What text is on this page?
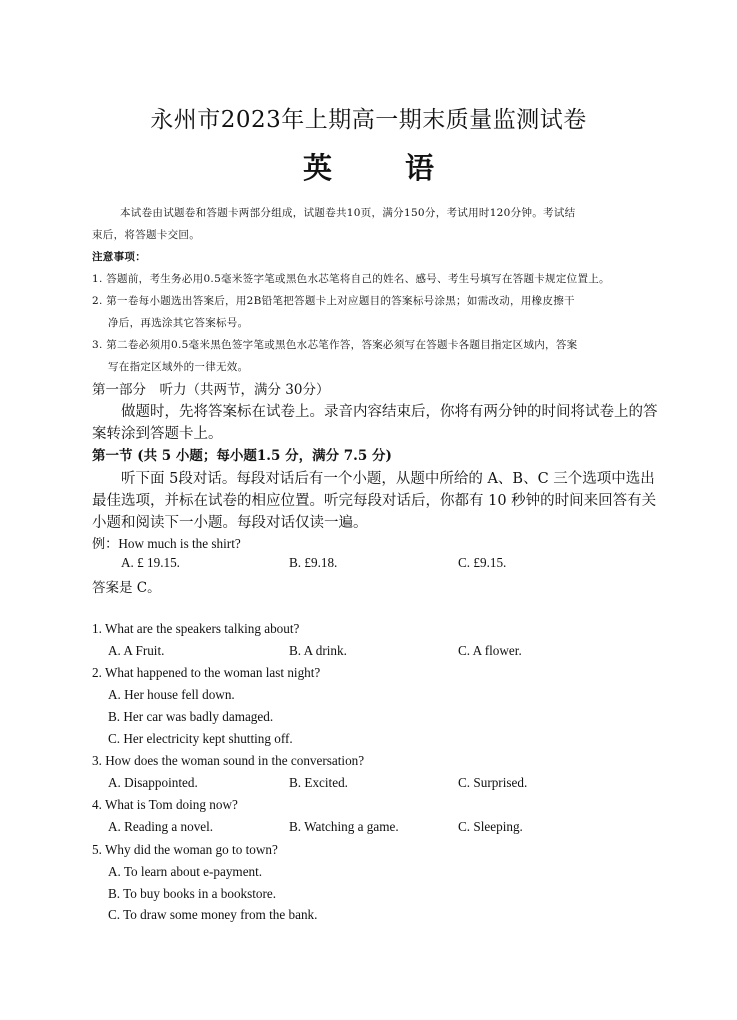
永州市2023年上期高一期末质量监测试卷
英　语
本试卷由试题卷和答题卡两部分组成，试题卷共10页，满分150分，考试用时120分钟。考试结
束后，将答题卡交回。
注意事项：
1. 答题前，考生务必用0.5毫米签字笔或黑色水芯笔将自己的姓名、感号、考生号填写在答题卡规定位置上。
2. 第一卷每小题选出答案后，用2B铅笔把答题卡上对应题目的答案标号涂黑；如需改动，用橡皮擦干
净后，再选涂其它答案标号。
3. 第二卷必须用0.5毫米黑色签字笔或黑色水芯笔作答，答案必须写在答题卡各题目指定区域内，答案
写在指定区域外的一律无效。
第一部分　听力（共两节，满分 30分）
做题时，先将答案标在试卷上。录音内容结束后，你将有两分钟的时间将试卷上的答
案转涂到答题卡上。
第一节 (共 5 小题；每小题1.5 分，满分 7.5 分)
听下面 5段对话。每段对话后有一个小题，从题中所给的 A、B、C 三个选项中选出
最佳选项，并标在试卷的相应位置。听完每段对话后，你都有 10 秒钟的时间来回答有关
小题和阅读下一小题。每段对话仅读一遍。
例：How much is the shirt?
A. £ 19.15.	B. £9.18.	C. £9.15.
答案是 C。
1. What are the speakers talking about?
A. A Fruit.	B. A drink.	C. A flower.
2. What happened to the woman last night?
A. Her house fell down.
B. Her car was badly damaged.
C. Her electricity kept shutting off.
3. How does the woman sound in the conversation?
A. Disappointed.	B. Excited.	C. Surprised.
4. What is Tom doing now?
A. Reading a novel.	B. Watching a game.	C. Sleeping.
5. Why did the woman go to town?
A. To learn about e-payment.
B. To buy books in a bookstore.
C. To draw some money from the bank.
